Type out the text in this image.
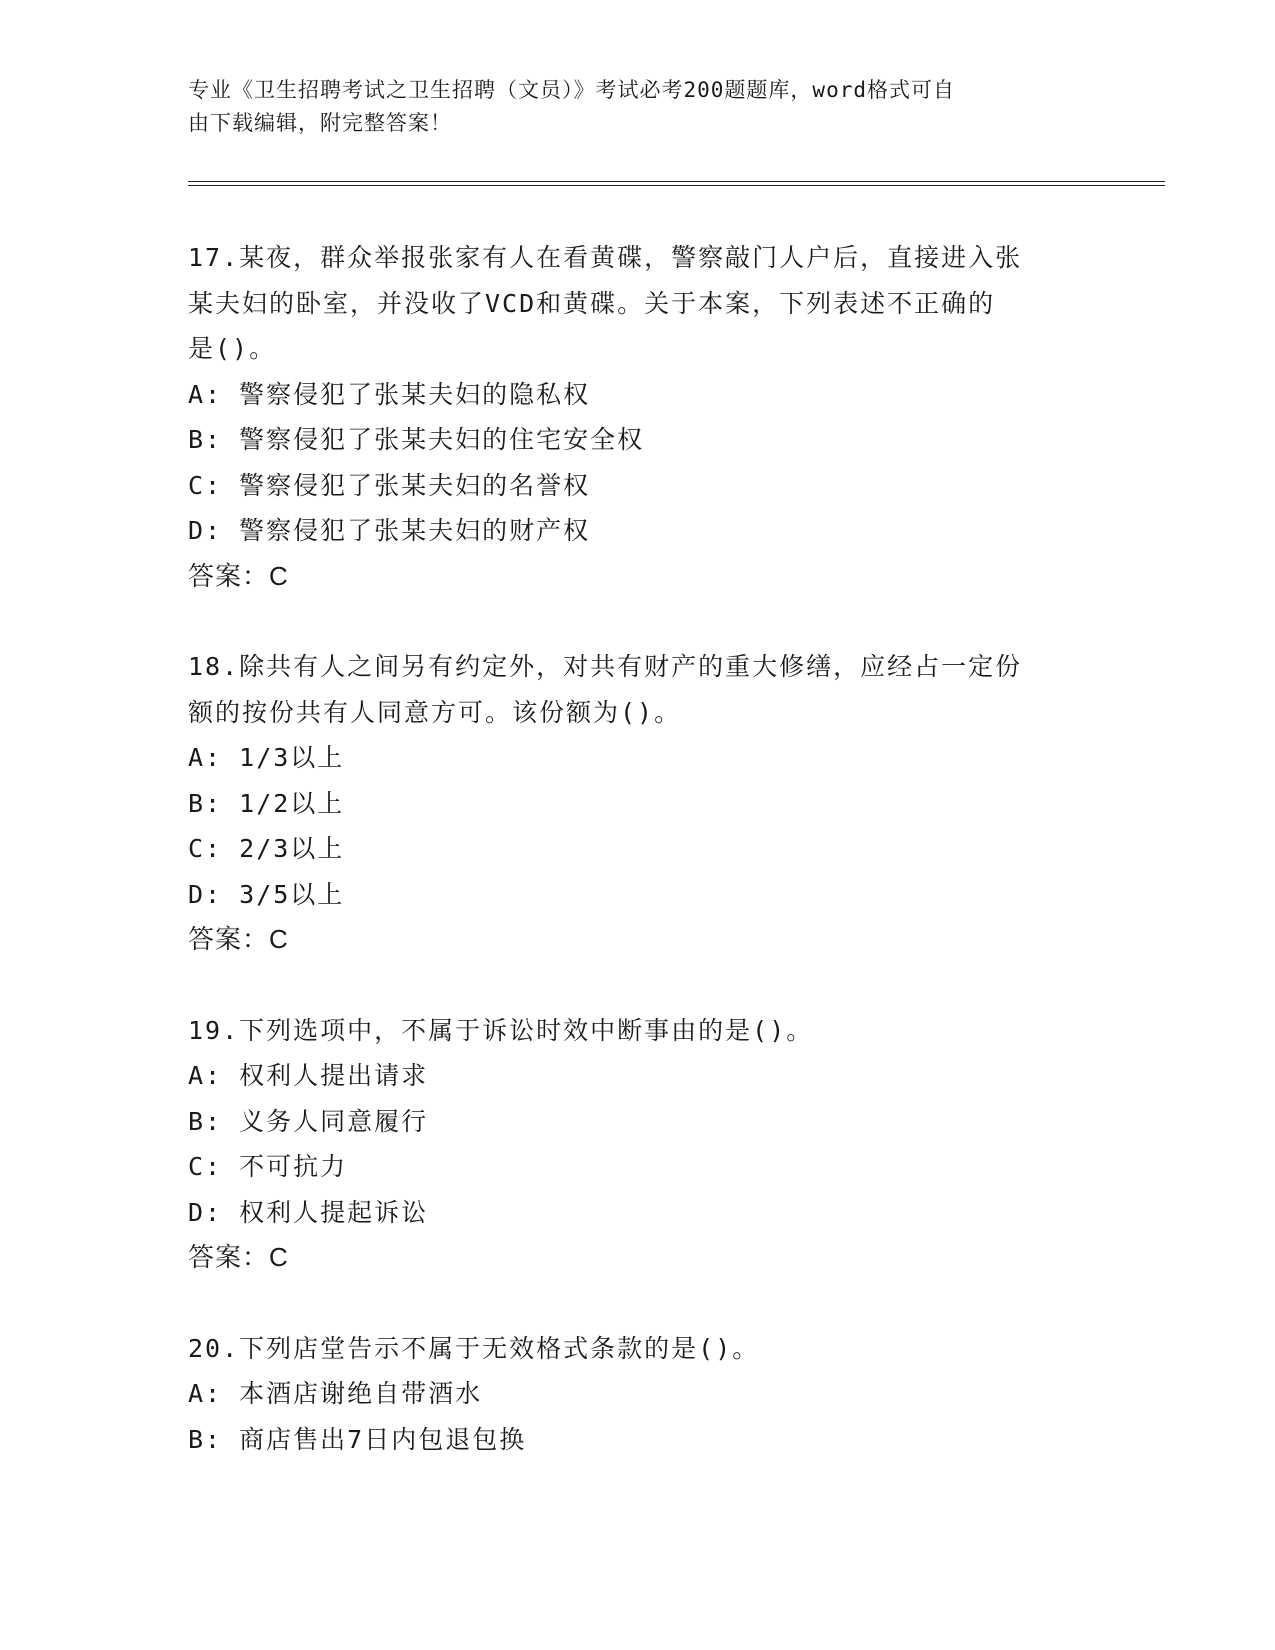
专业《卫生招聘考试之卫生招聘（文员）》考试必考200题题库，word格式可自
由下载编辑，附完整答案！
17.某夜，群众举报张家有人在看黄碟，警察敲门人户后，直接进入张
某夫妇的卧室，并没收了VCD和黄碟。关于本案，下列表述不正确的
是()。
A: 警察侵犯了张某夫妇的隐私权
B: 警察侵犯了张某夫妇的住宅安全权
C: 警察侵犯了张某夫妇的名誉权
D: 警察侵犯了张某夫妇的财产权
答案：C
18.除共有人之间另有约定外，对共有财产的重大修缮，应经占一定份
额的按份共有人同意方可。该份额为()。
A: 1/3以上
B: 1/2以上
C: 2/3以上
D: 3/5以上
答案：C
19.下列选项中，不属于诉讼时效中断事由的是()。
A: 权利人提出请求
B: 义务人同意履行
C: 不可抗力
D: 权利人提起诉讼
答案：C
20.下列店堂告示不属于无效格式条款的是()。
A: 本酒店谢绝自带酒水
B: 商店售出7日内包退包换
